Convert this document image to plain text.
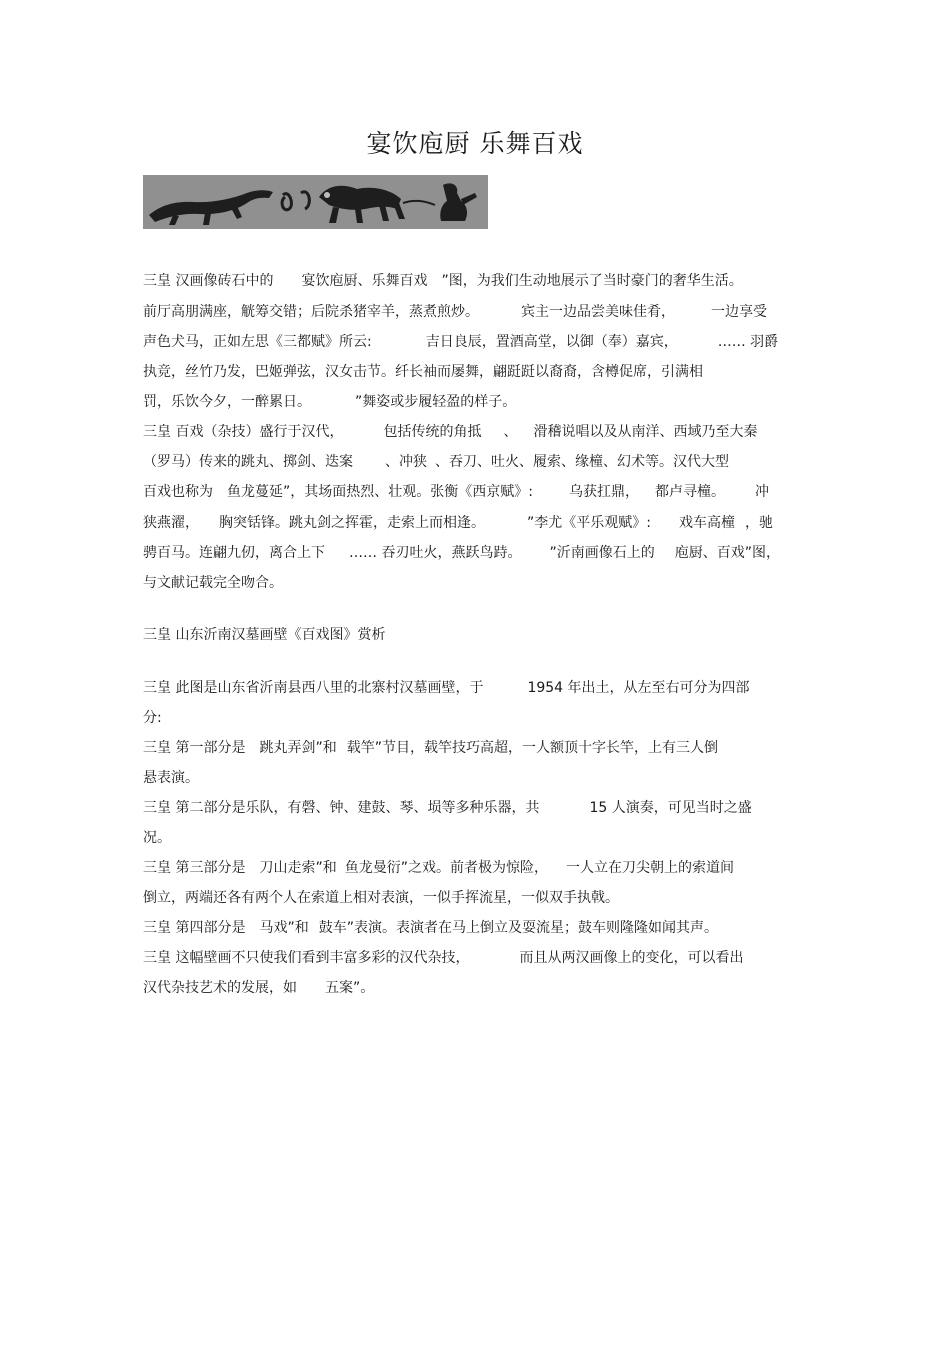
宴饮庖厨 乐舞百戏
三皇 汉画像砖石中的 宴饮庖厨、乐舞百戏 ”图，为我们生动地展示了当时豪门的奢华生活。
前厅高朋满座，觥筹交错；后院杀猪宰羊，蒸煮煎炒。	宾主一边品尝美味佳肴，	一边享受
声色犬马，正如左思《三都赋》所云:	吉日良辰，置酒高堂，以御（奉）嘉宾，	…… 羽爵
执竞，丝竹乃发，巴姬弹弦，汉女击节。纤长袖而屡舞，翩跹跹以裔裔，含樽促席，引满相
罚，乐饮今夕，一醉累日。	”舞姿或步履轻盈的样子。
三皇 百戏（杂技）盛行于汉代，	包括传统的角抵 、 滑稽说唱以及从南洋、西域乃至大秦
（罗马）传来的跳丸、掷剑、迭案 、冲狭 、吞刀、吐火、履索、缘橦、幻术等。汉代大型
百戏也称为 鱼龙蔓延”，其场面热烈、壮观。张衡《西京赋》:	乌获扛鼎， 都卢寻橦。 冲
狭燕濯， 胸突铦锋。跳丸剑之挥霍，走索上而相逢。	”李尤《平乐观赋》: 戏车高橦 ，驰
骋百马。连翩九仞，离合上下 …… 吞刃吐火，燕跃鸟跱。 ”沂南画像石上的 庖厨、百戏”图，
与文献记载完全吻合。
三皇 山东沂南汉墓画壁《百戏图》赏析
三皇 此图是山东省沂南县西八里的北寨村汉墓画壁，于	1954 年出土，从左至右可分为四部
分:
三皇 第一部分是 跳丸弄剑”和 载竿”节目，载竿技巧高超，一人额顶十字长竿，上有三人倒
悬表演。
三皇 第二部分是乐队，有磬、钟、建鼓、琴、埙等多种乐器，共	15 人演奏，可见当时之盛
况。
三皇 第三部分是 刀山走索”和 鱼龙曼衍”之戏。前者极为惊险， 一人立在刀尖朝上的索道间
倒立，两端还各有两个人在索道上相对表演，一似手挥流星，一似双手执戟。
三皇 第四部分是 马戏”和 鼓车”表演。表演者在马上倒立及耍流星；鼓车则隆隆如闻其声。
三皇 这幅壁画不只使我们看到丰富多彩的汉代杂技，	而且从两汉画像上的变化，可以看出
汉代杂技艺术的发展，如 五案”。
